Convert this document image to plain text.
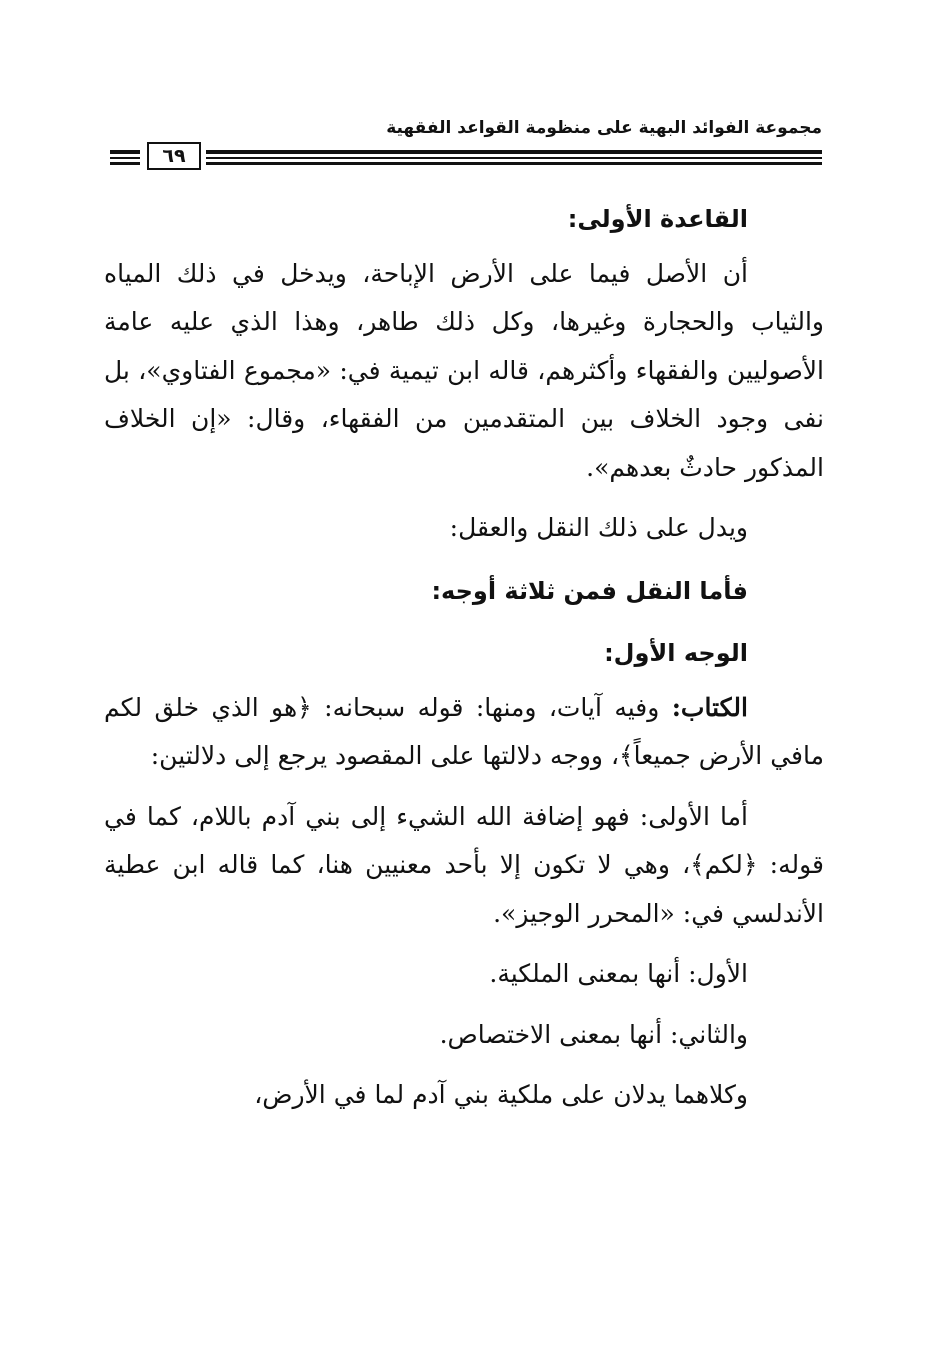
مجموعة الفوائد البهية على منظومة القواعد الفقهية
٦٩

القاعدة الأولى:

أن الأصل فيما على الأرض الإباحة، ويدخل في ذلك المياه والثياب والحجارة وغيرها، وكل ذلك طاهر، وهذا الذي عليه عامة الأصوليين والفقهاء وأكثرهم، قاله ابن تيمية في: «مجموع الفتاوي»، بل نفى وجود الخلاف بين المتقدمين من الفقهاء، وقال: «إن الخلاف المذكور حادثٌ بعدهم».

ويدل على ذلك النقل والعقل:

فأما النقل فمن ثلاثة أوجه:

الوجه الأول:

الكتاب: وفيه آيات، ومنها: قوله سبحانه: ﴿هو الذي خلق لكم مافي الأرض جميعاً﴾، ووجه دلالتها على المقصود يرجع إلى دلالتين:

أما الأولى: فهو إضافة الله الشيء إلى بني آدم باللام، كما في قوله: ﴿لكم﴾، وهي لا تكون إلا بأحد معنيين هنا، كما قاله ابن عطية الأندلسي في: «المحرر الوجيز».

الأول: أنها بمعنى الملكية.

والثاني: أنها بمعنى الاختصاص.

وكلاهما يدلان على ملكية بني آدم لما في الأرض،
